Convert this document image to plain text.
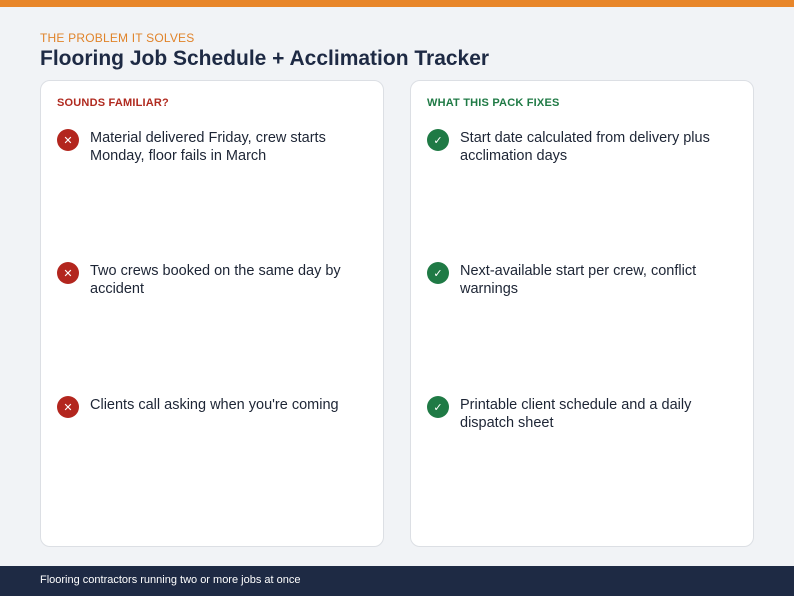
THE PROBLEM IT SOLVES
Flooring Job Schedule + Acclimation Tracker
SOUNDS FAMILIAR?
✕	Material delivered Friday, crew starts Monday, floor fails in March
✕	Two crews booked on the same day by accident
✕	Clients call asking when you're coming
WHAT THIS PACK FIXES
✓	Start date calculated from delivery plus acclimation days
✓	Next-available start per crew, conflict warnings
✓	Printable client schedule and a daily dispatch sheet
Flooring contractors running two or more jobs at once
